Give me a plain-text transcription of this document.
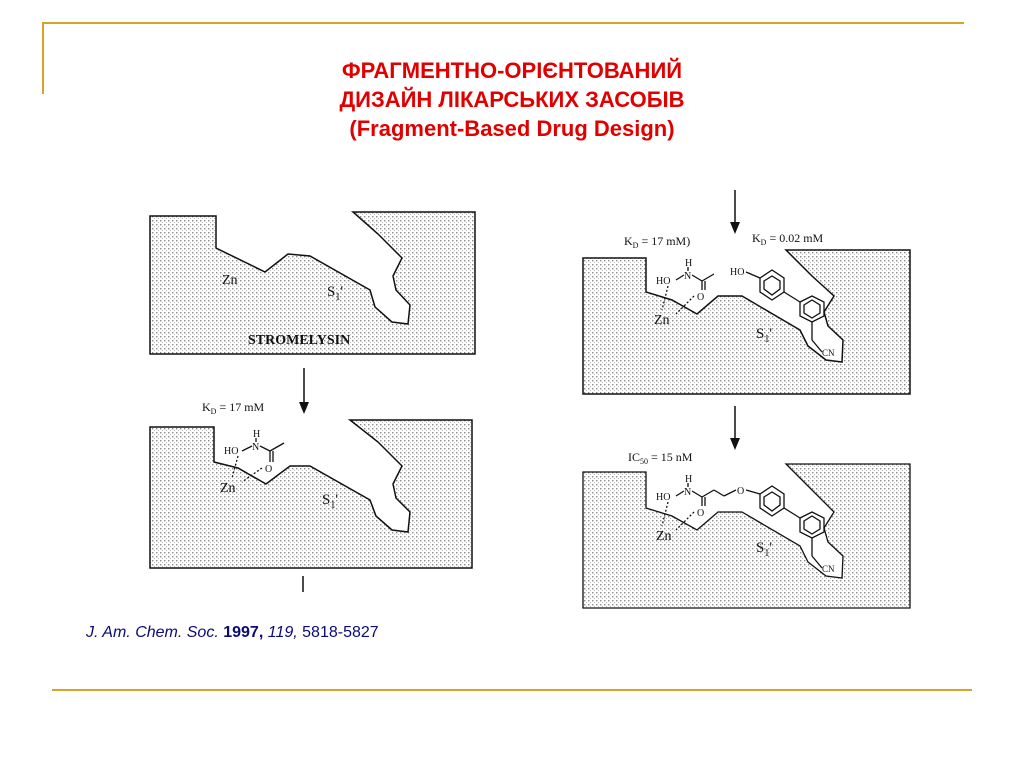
ФРАГМЕНТНО-ОРІЄНТОВАНИЙ
ДИЗАЙН ЛІКАРСЬКИХ ЗАСОБІВ
(Fragment-Based Drug Design)
Zn
$S_1'$
STROMELYSIN
$K_D = 17$ mM
HO N
H
O
Zn
$S_1'$
$K_D = 17$ mM)	$K_D = 0.02$ mM
HO N
H
O
Zn
$S_1'$
HO
CN
$IC_{50} = 15$ nM
HO N
H
O
O
CN
Zn
$S_1'$
J. Am. Chem. Soc. 1997, 119, 5818-5827
